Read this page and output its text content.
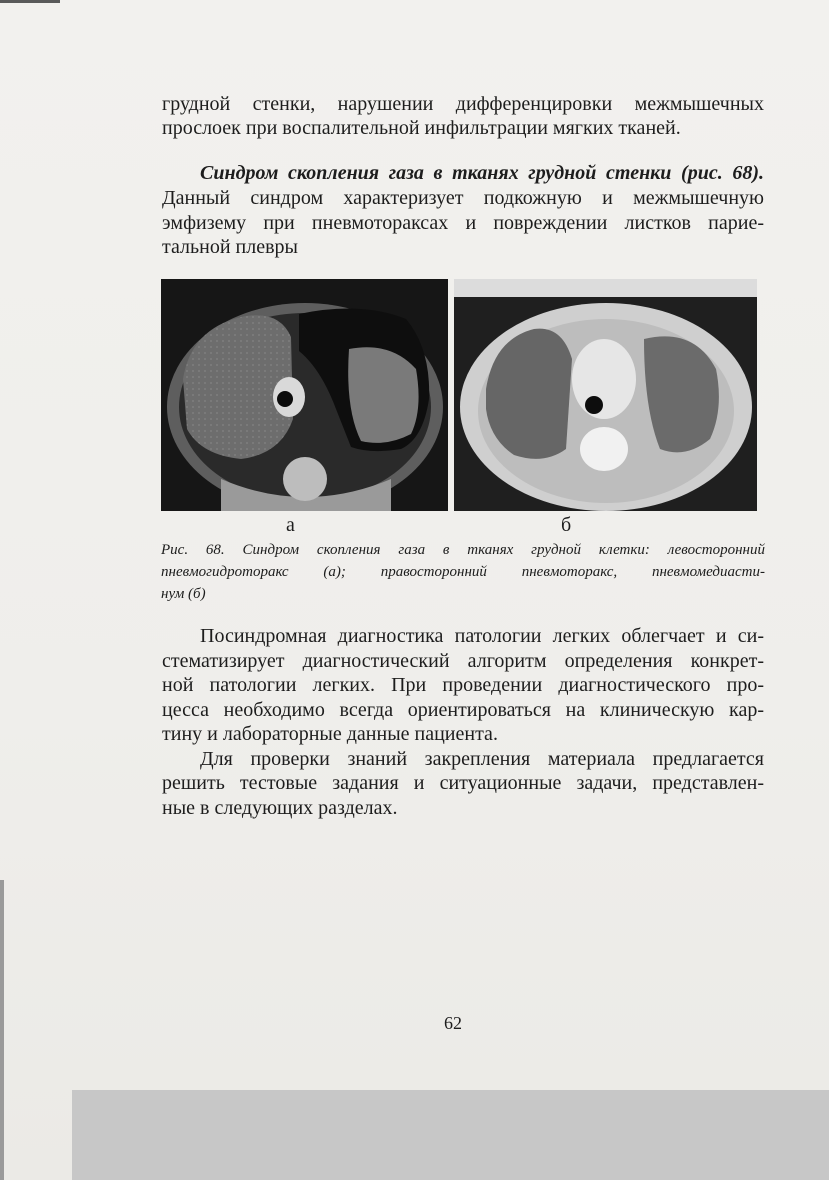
грудной стенки, нарушении дифференцировки межмышечных
прослоек при воспалительной инфильтрации мягких тканей.
Синдром скопления газа в тканях грудной стенки (рис. 68).
Данный синдром характеризует подкожную и межмышечную
эмфизему при пневмотораксах и повреждении листков парие-
тальной плевры
а	б
Рис. 68. Синдром скопления газа в тканях грудной клетки: левосторонний
пневмогидроторакс (а); правосторонний пневмоторакс, пневмомедиасти-
нум (б)
Посиндромная диагностика патологии легких облегчает и си-
стематизирует диагностический алгоритм определения конкрет-
ной патологии легких. При проведении диагностического про-
цесса необходимо всегда ориентироваться на клиническую кар-
тину и лабораторные данные пациента.
Для проверки знаний закрепления материала предлагается
решить тестовые задания и ситуационные задачи, представлен-
ные в следующих разделах.
62
